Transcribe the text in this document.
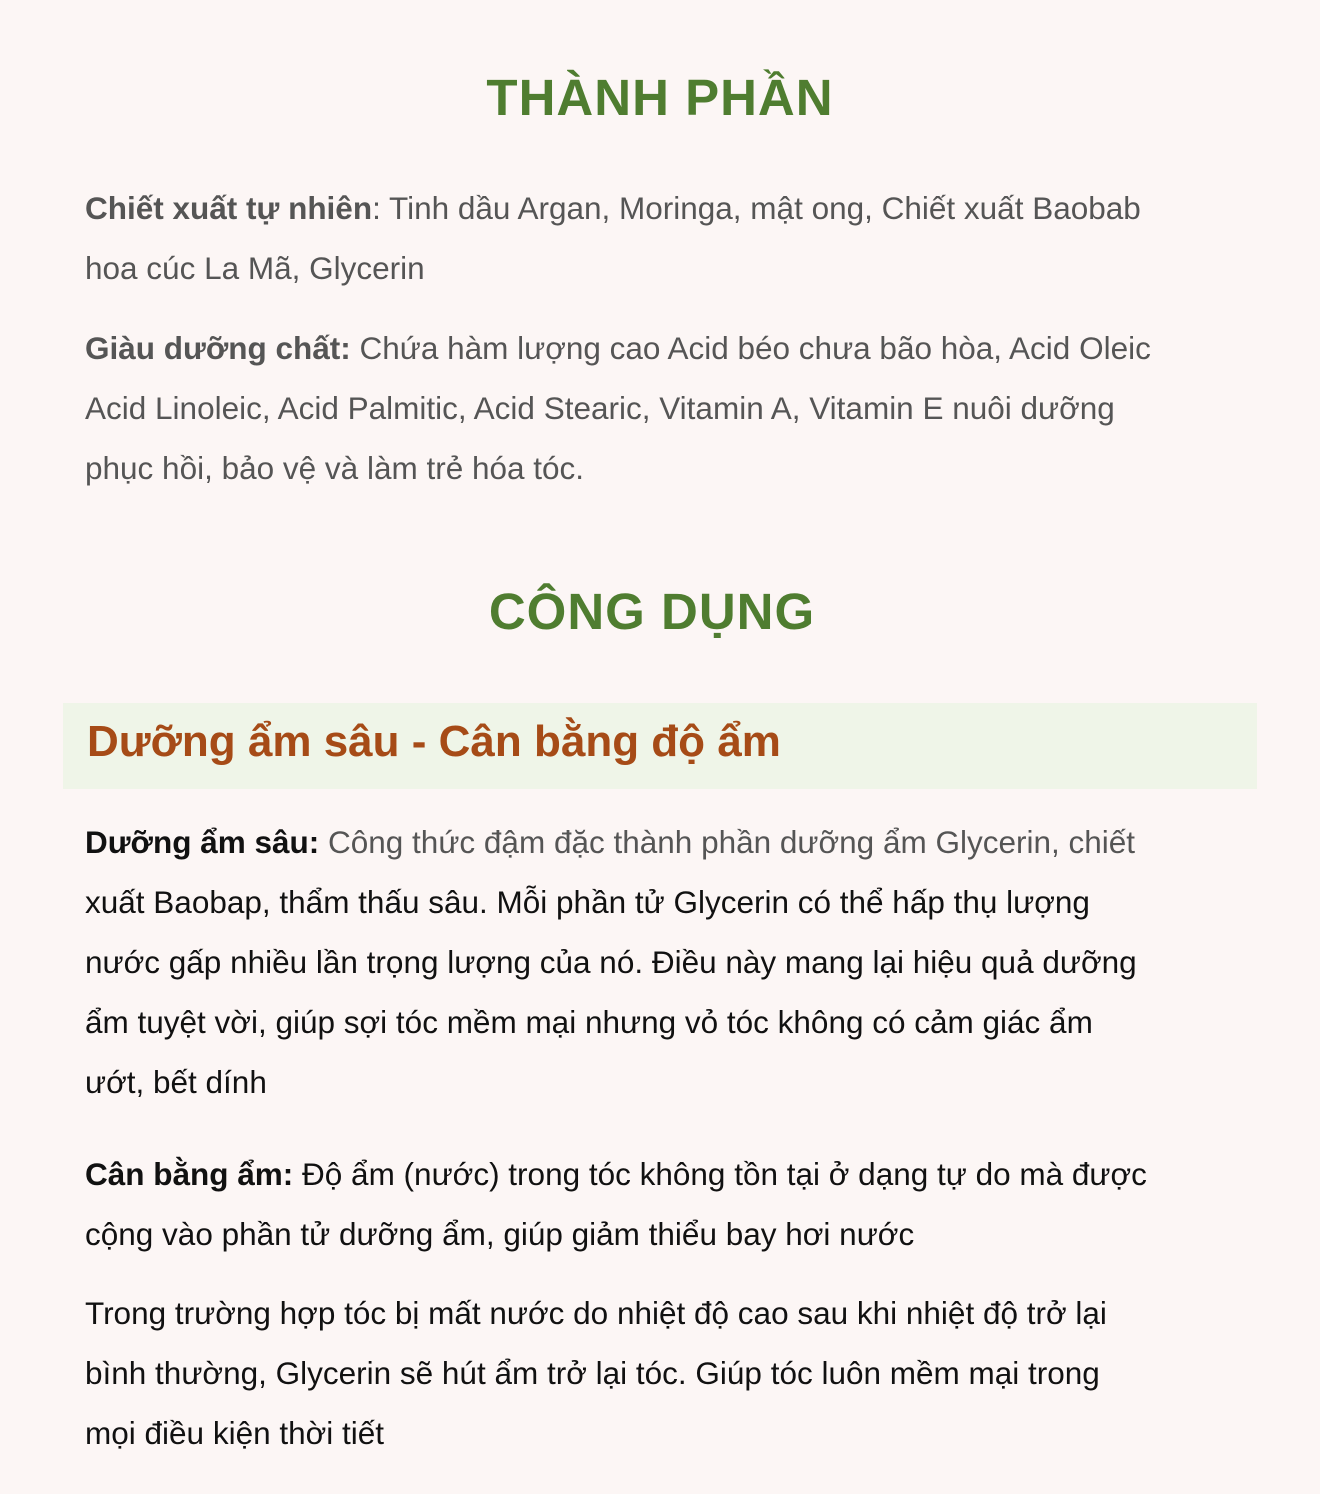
THÀNH PHẦN

Chiết xuất tự nhiên: Tinh dầu Argan, Moringa, mật ong, Chiết xuất Baobab
hoa cúc La Mã, Glycerin

Giàu dưỡng chất: Chứa hàm lượng cao Acid béo chưa bão hòa, Acid Oleic
Acid Linoleic, Acid Palmitic, Acid Stearic, Vitamin A, Vitamin E nuôi dưỡng
phục hồi, bảo vệ và làm trẻ hóa tóc.

CÔNG DỤNG
Dưỡng ẩm sâu - Cân bằng độ ẩm

Dưỡng ẩm sâu: Công thức đậm đặc thành phần dưỡng ẩm Glycerin, chiết
xuất Baobap, thẩm thấu sâu. Mỗi phần tử Glycerin có thể hấp thụ lượng
nước gấp nhiều lần trọng lượng của nó. Điều này mang lại hiệu quả dưỡng
ẩm tuyệt vời, giúp sợi tóc mềm mại nhưng vỏ tóc không có cảm giác ẩm
ướt, bết dính

Cân bằng ẩm: Độ ẩm (nước) trong tóc không tồn tại ở dạng tự do mà được
cộng vào phần tử dưỡng ẩm, giúp giảm thiểu bay hơi nước

Trong trường hợp tóc bị mất nước do nhiệt độ cao sau khi nhiệt độ trở lại
bình thường, Glycerin sẽ hút ẩm trở lại tóc. Giúp tóc luôn mềm mại trong
mọi điều kiện thời tiết
